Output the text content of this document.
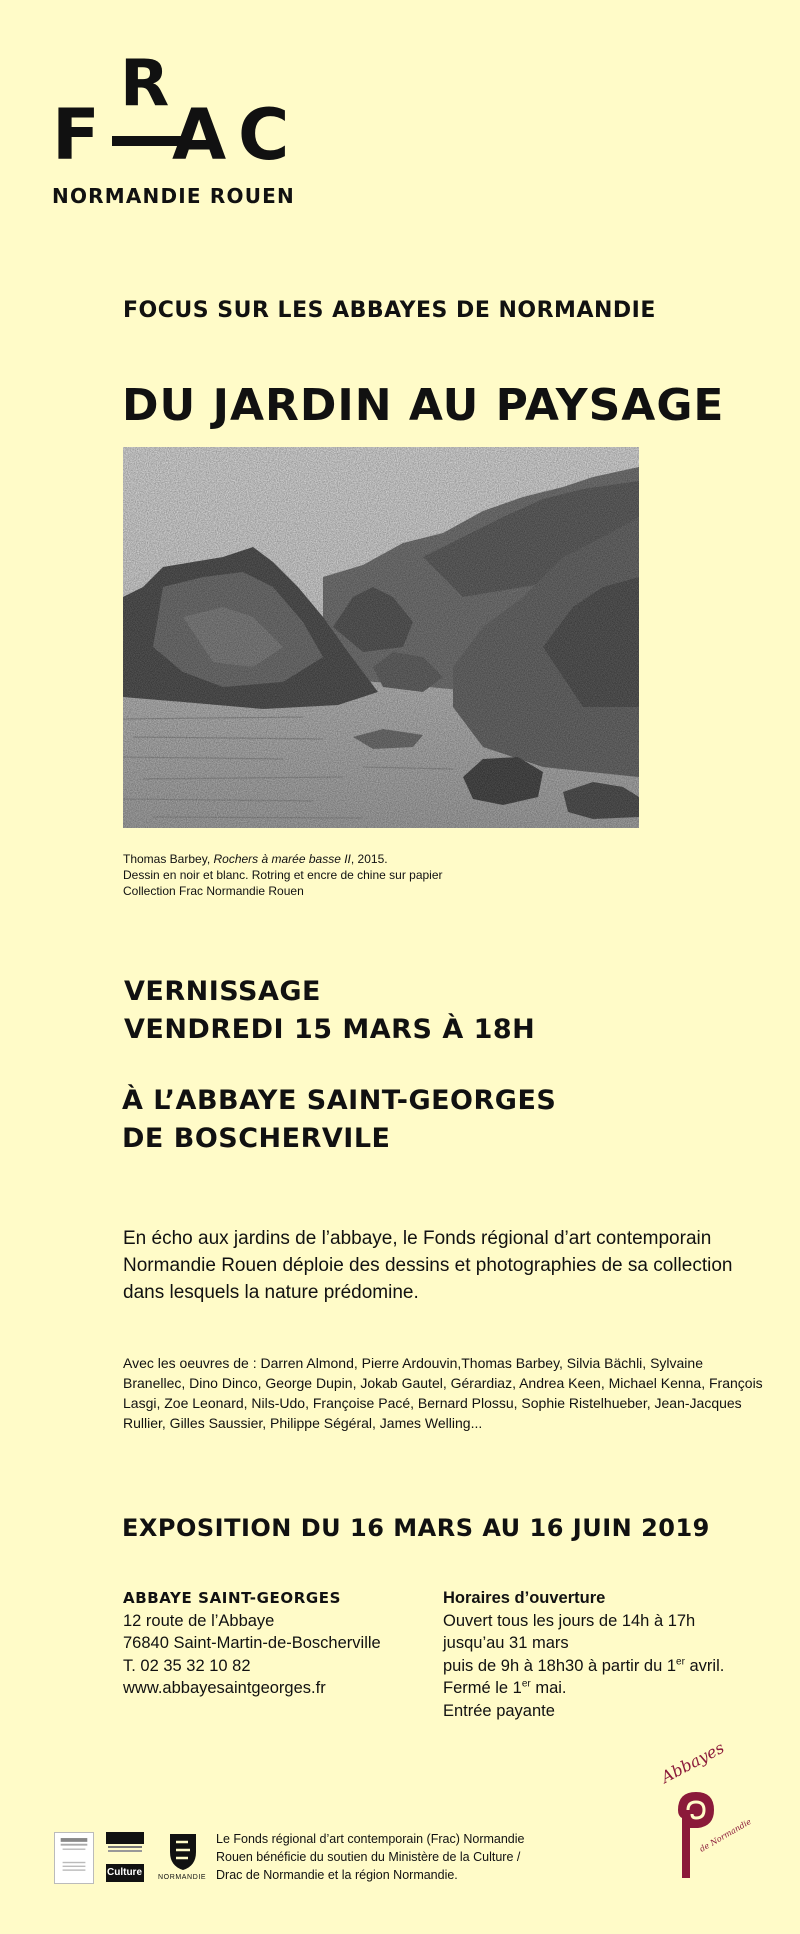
F
R
A C
NORMANDIE ROUEN
FOCUS SUR LES ABBAYES DE NORMANDIE
DU JARDIN AU PAYSAGE
Thomas Barbey, Rochers à marée basse II, 2015.
Dessin en noir et blanc. Rotring et encre de chine sur papier
Collection Frac Normandie Rouen
VERNISSAGE
VENDREDI 15 MARS À 18H
À L’ABBAYE SAINT-GEORGES
DE BOSCHERVILE

En écho aux jardins de l’abbaye, le Fonds régional d’art contemporain Normandie Rouen déploie des dessins et photographies de sa collection dans lesquels la nature prédomine.

Avec les oeuvres de : Darren Almond, Pierre Ardouvin,Thomas Barbey, Silvia Bächli, Sylvaine Branellec, Dino Dinco, George Dupin, Jokab Gautel, Gérardiaz, Andrea Keen, Michael Kenna, François Lasgi, Zoe Leonard, Nils-Udo, Françoise Pacé, Bernard Plossu, Sophie Ristelhueber, Jean-Jacques Rullier, Gilles Saussier, Philippe Ségéral, James Welling...

EXPOSITION DU 16 MARS AU 16 JUIN 2019
ABBAYE SAINT-GEORGES
12 route de l’Abbaye
76840 Saint-Martin-de-Boscherville
T. 02 35 32 10 82
www.abbayesaintgeorges.fr
Horaires d’ouverture
Ouvert tous les jours de 14h à 17h
jusqu’au 31 mars
puis de 9h à 18h30 à partir du 1er avril.
Fermé le 1er mai.
Entrée payante
Culture NORMANDIE
Le Fonds régional d’art contemporain (Frac) Normandie
Rouen bénéficie du soutien du Ministère de la Culture /
Drac de Normandie et la région Normandie.
Abbayes
de Normandie
